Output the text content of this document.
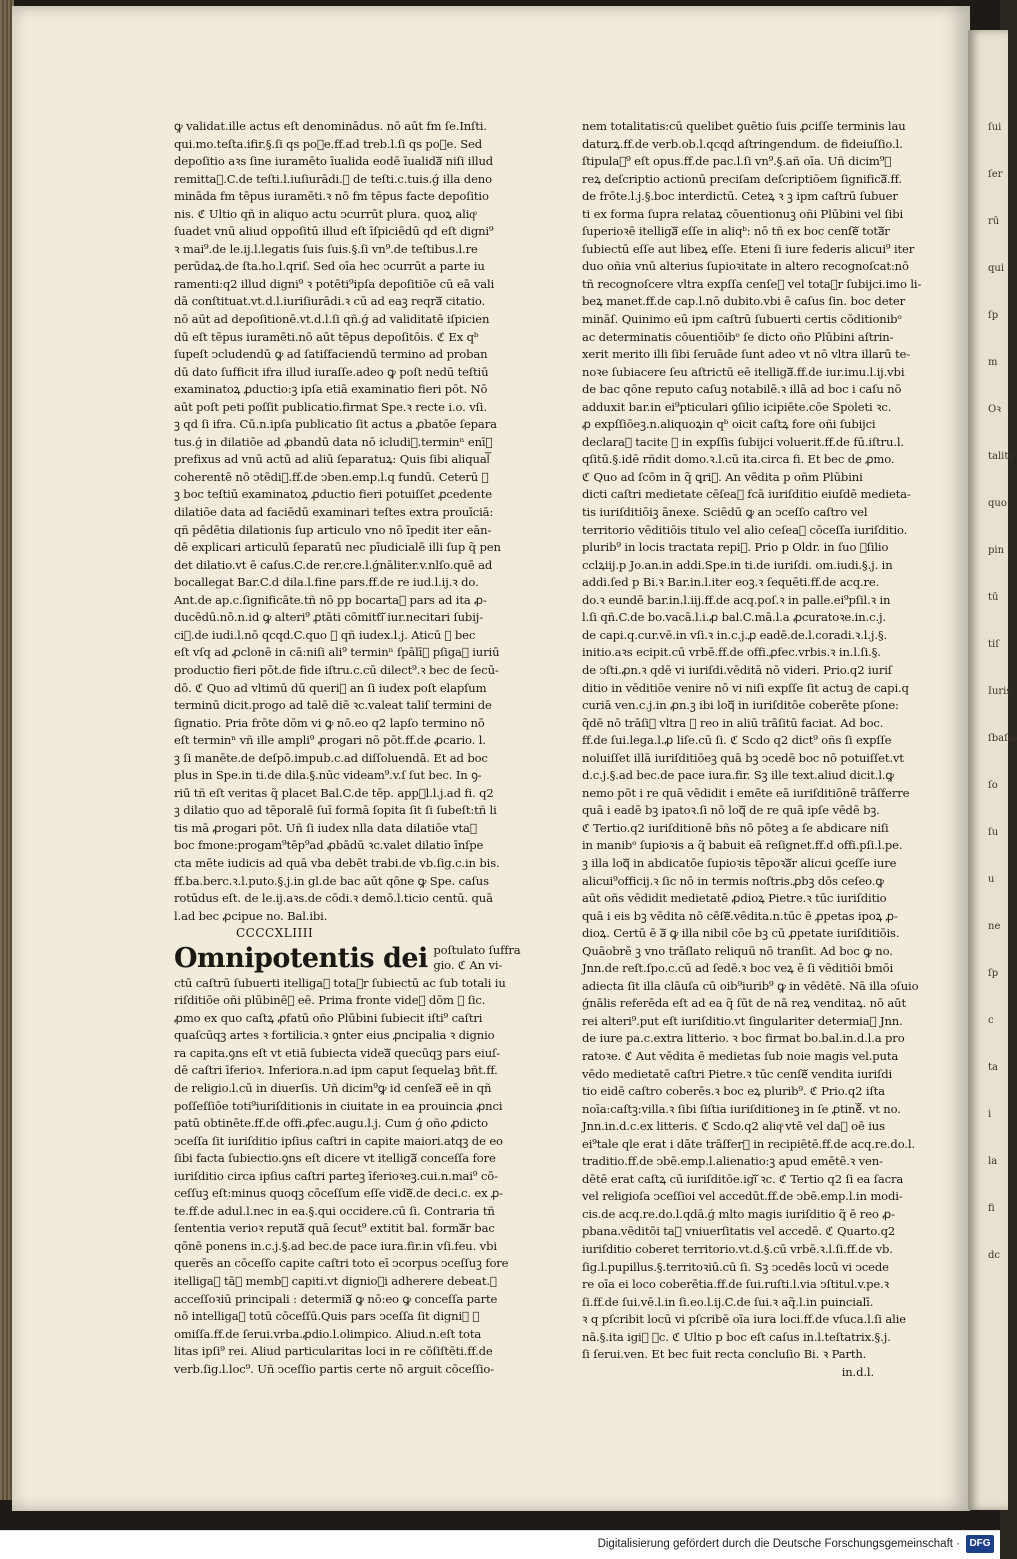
ꝙ validat.ille actus eſt denominādus. nō aūt fm ſe.Inſti.
qui.mo.teſta.ifir.§.ſi qs poᷓe.ff.ad treb.l.ſi qs poᷓe. Sed
depoſitio aꝛs ſine iuramēto īualida eodē īualidaᷓ niſi illud
remittaᷓ.C.de teſti.l.iuſiurādi.ꝛ de teſti.c.tuis.ǵ illa deno
mināda fm tēpus iuramēti.ꝛ nō fm tēpus facte depoſitio
nis. ℭ Ultio qñ in aliquo actu ↄcurrūt plura. quoꝝ aliqͦ
ſuadet vnū aliud oppoſitū illud eſt īſpiciēdū qd eſt digni⁹
ꝛ mai⁹.de le.ij.l.legatis ſuis ſuis.§.ſi vn⁹.de teſtibus.l.re
perūdaꝝ.de ſta.ho.l.qriſ. Sed oīa hec ↄcurrūt a parte iu
ramenti:q2 illud digni⁹ ꝛ potēti⁹ipſa depoſitiōe cū eā vali
dā conſtituat.vt.d.l.iuriſiurādi.ꝛ cū ad eaꝫ reqraᷓ citatio.
nō aūt ad depoſitionē.vt.d.l.ſi qñ.ǵ ad validitatē iſpicien
dū eſt tēpus iuramēti.nō aūt tēpus depoſitōis. ℭ Ex qᵇ
ſupeſt ↄcludendū ꝙ ad ſatiſfaciendū termino ad proban
dū dato ſufficit ifra illud iuraſſe.adeo ꝙ poſt nedū teſtiū
examinatoꝝ ꝓductio:ꝫ ipſa etiā examinatio fieri pōt. Nō
aūt poſt peti poſſit publicatio.firmat Spe.ꝛ recte i.o. vſi.
ꝫ qd ſi ifra. Cū.n.ipſa publicatio ſit actus a ꝓbatōe ſepara
tus.ǵ in dilatiōe ad ꝓbandū data nō icludiᷓ.terminⁿ enīꝫ
prefixus ad vnū actū ad aliū ſeparatuꝝ: Quis ſibi aliqualᷓ
coherentē nō ↄtēdiᷓ.ff.de ↄben.emp.l.q fundū. Ceterū ꝛ
ꝫ boc teſtiū examinatoꝝ ꝓductio fieri potuiſſet ꝓcedente
dilatiōe data ad faciēdū examinari teſtes extra prouīciā:
qñ pēdētia dilationis ſup articulo vno nō īpedit iter eān-
dē explicari articulū ſeparatū nec pīudicialē illi ſup q̃ pen
det dilatio.vt ē caſus.C.de rer.cre.l.ǵnāliter.v.nlſo.quē ad
bocallegat Bar.C.d dila.l.fine pars.ff.de re iud.l.ij.ꝛ do.
Ant.de ap.c.ſignificāte.tñ nō pp bocartaᷓ pars ad ita ꝓ-
ducēdū.nō.n.id ꝙ alteri⁹ ꝓtāti cōmittiᷓ iur.necitari ſubij-
ciᷓ.de iudi.l.nō qcqd.C.quo ꝛ qñ iudex.l.j. Aticū ꝙ bec
eſt vſq ad ꝓclonē in cā:niſi ali⁹ terminⁿ ſpālīᷓ pſigaᷓ iuriū
productio fieri pōt.de fide iſtru.c.cū dilect⁹.ꝛ bec de ſecū-
dō. ℭ Quo ad vltimū dū queriᷓ an ſi iudex poſt elapſum
terminū dicit.progo ad talē diē ꝛc.valeat taliſ termini de
ſignatio. Pria frōte dōm vi ꝙ nō.eo q2 lapſo termino nō
eſt terminⁿ vñ ille ampli⁹ ꝓrogari nō pōt.ff.de ꝓcario. l.
ꝫ ſi manēte.de deſpō.impub.c.ad diſſoluendā. Et ad boc
plus in Spe.in ti.de dila.§.nūc videam⁹.v.ſ ſut bec. In ꝯ-
riū tñ eſt veritas q̃ placet Bal.C.de tēp. appᷓl.l.j.ad fi. q2
ꝫ dilatio quo ad tēporalē ſuī formā ſopita ſit ſi ſubeſt:tñ li
tis mā ꝓrogari pōt. Uñ ſi iudex nlla data dilatiōe vtaᷓ
boc fmone:progam⁹tēp⁹ad ꝓbādū ꝛc.valet dilatio īnſpe
cta mēte iudicis ad quā vba debēt trabi.de vb.ſig.c.in bis.
ff.ba.berc.ꝛ.l.puto.§.j.in gl.de bac aūt qōne ꝙ Spe. caſus
rotūdus eſt. de le.ij.aꝛs.de cōdi.ꝛ demō.l.ticio centū. quā
l.ad bec ꝓcipue no. Bal.ibi.
CCCCXLIIII
Omnipotentis dei poſtulato ſuffra
gio. ℭ An vi-
ctū caſtrū ſubuerti itelligaᷓ totaᷓr ſubiectū ac ſub totali iu
riſditiōe oñi plūbinēᷓ eē. Prima fronte videᷓ dōm ꝙ ſic.
ꝓmo ex quo caſtꝝ ꝓfatū oño Plūbini ſubiecit iſti⁹ caſtri
quaſcūqꝫ artes ꝛ fortilicia.ꝛ ꝯnter eius ꝓncipalia ꝛ dignio
ra capita.ꝯns eſt vt etiā ſubiecta videaᷓ quecūqꝫ pars eiuſ-
dē caſtri īferioꝛ. Inferiora.n.ad ipm caput ſequelaꝫ bñt.ff.
de religio.l.cū in diuerſis. Uñ dicim⁹ꝙ id cenſeaᷓ eē in qñ
poſſeſſiōe toti⁹iuriſditionis in ciuitate in ea prouincia ꝓnci
patū obtinēte.ff.de offi.ꝓfec.augu.l.j. Cum ǵ oño ꝓdicto
ↄceſſa ſit iuriſditio ipſius caſtri in capite maiori.atqꝫ de eo
ſibi facta ſubiectio.ꝯns eſt dicere vt itelligaᷓ conceſſa fore
iuriſditio circa ipſius caſtri parteꝫ īferioꝛeꝫ.cui.n.mai⁹ cō-
ceſſuꝫ eſt:minus quoqꝫ cōceſſum eſſe videᷓ.de deci.c. ex ꝓ-
te.ff.de adul.l.nec in ea.§.qui occidere.cū ſi. Contraria tñ
ſententia verioꝛ reputaᷓ quā ſecut⁹ extitit bal. formaᷓr bac
qōnē ponens in.c.j.§.ad bec.de pace iura.fir.in vſi.feu. vbi
querēs an cōceſſo capite caſtri toto eī ↄcorpus ↄceſſuꝫ fore
itelligaᷓ tāꝙ membꝝ capiti.vt dignioꝛi adherere debeat.ꝛ
acceſſoꝛiū principali : determiaᷓ ꝙ nō:eo ꝙ conceſſa parte
nō intelligaᷓ totū cōceſſū.Quis pars ↄceſſa ſit digniꝛ ꝙ
omiſſa.ff.de ſerui.vrba.ꝓdio.l.olimpico. Aliud.n.eſt tota
litas ipſi⁹ rei. Aliud particularitas loci in re cōſiſtēti.ff.de
verb.ſig.l.loc⁹. Uñ ↄceſſio partis certe nō arguit cōceſſio-
nem totalitatis:cū quelibet ꝯuētio ſuis ꝓciſſe terminis lau
daturꝝ.ff.de verb.ob.l.qcqd aſtringendum. de fideiuſſio.l.
ſtipulaᷓ⁹ eſt opus.ff.de pac.l.ſi vn⁹.§.añ oīa. Uñ dicim⁹ꝙ
reꝝ deſcriptio actionū preciſam deſcriptiōem ſignificaᷓ.ff.
de frōte.l.j.§.boc interdictū. Ceteꝝ ꝛ ꝫ ipm caſtrū ſubuer
ti ex forma ſupra relataꝝ cōuentionuꝫ oñi Plūbini vel ſibi
ſuperioꝛē itelligaᷓ eſſe in aliqᵇ: nō tñ ex boc cenſeᷓ totaᷓr
ſubiectū eſſe aut libeꝝ eſſe. Eteni ſi iure federis alicui⁹ iter
duo oñia vnū alterius ſupioꝛitate in altero recognoſcat:nō
tñ recognoſcere vltra expſſa cenſeᷓ vel totaᷓr ſubijci.imo li-
beꝝ manet.ff.de cap.l.nō dubito.vbi ē caſus ſin. boc deter
mināſ. Quinimo eū ipm caſtrū ſubuerti certis cōditionibᵒ
ac determinatis cōuentiōibᵒ ſe dicto oño Plūbini aſtrin-
xerit merito illi ſibi ſeruāde ſunt adeo vt nō vltra illarū te-
noꝛe ſubiacere ſeu aſtrictū eē itelligaᷓ.ff.de iur.imu.l.ij.vbi
de bac qōne reputo caſuꝫ notabilē.ꝛ illā ad boc i caſu nō
adduxit bar.in ei⁹pticulari ꝯſilio icipiēte.cōe Spoleti ꝛc.
ꝓ expſſiōeꝫ.n.aliquoꝝin qᵇ oicit caſtꝝ fore oñi ſubijci
declaraᷓ tacite ꝙ in expſſis ſubijci voluerit.ff.de fū.iſtru.l.
qſitū.§.idē rñdit domo.ꝛ.l.cū ita.circa fi. Et bec de ꝓmo.
ℭ Quo ad ſcōm in q̃ ꝗriᷓ. An vēdita p oñm Plūbini
dicti caſtri medietate cēſeaᷓ fcā iuriſditio eiuſdē medieta-
tis iuriſditiōiꝫ āneⅹe. Sciēdū ꝙ an ↄceſſo caſtro vel
territorio vēditiōis titulo vel alio ceſeaᷓ cōceſſa iuriſditio.
plurib⁹ in locis tractata repiᷓ. Prio p Oldr. in ſuo ꝯſilio
cclꝝiij.p Jo.an.in addi.Spe.in ti.de iuriſdi. om.iudi.§.j. in
addi.ſed p Bi.ꝛ Bar.in.l.iter eoꝫ.ꝛ ſequēti.ff.de acq.re.
do.ꝛ eundē bar.in.l.iij.ff.de acq.poſ.ꝛ in palle.ei⁹pſil.ꝛ in
l.ſi qñ.C.de bo.vacā.l.i.ꝓ bal.C.mā.l.a ꝓcuratoꝛe.in.c.j.
de capi.q.cur.vē.in vſi.ꝛ in.c.j.ꝓ eadē.de.l.coradi.ꝛ.l.j.§.
initio.aꝛs ecipit.cū vrbē.ff.de offi.ꝓfec.vrbis.ꝛ in.l.ſi.§.
de ↄſti.ꝓn.ꝛ qdē vi iuriſdi.vēditā nō videri. Prio.q2 iuriſ
ditio in vēditiōe venire nō vi niſi expſſe ſit actuꝫ de capi.q
curiā ven.c.j.in ꝓn.ꝫ ibi loqᷓ in iuriſditōe coberēte pſone:
q̃dē nō trāſiᷓ vltra ꝙ reo in aliū trāſitū faciat. Ad boc.
ff.de ſui.lega.l.ꝓ liſe.cū ſi. ℭ Scdo q2 dict⁹ oñs ſi expſſe
noluiſſet illā iuriſditiōeꝫ quā bꝫ ↄcedē boc nō potuiſſet.vt
d.c.j.§.ad bec.de pace iura.fir. Sꝫ ille text.aliud dicit.l.ꝙ
nemo pōt i re quā vēdidit i emēte eā iuriſditiōnē trāſferre
quā i eadē bꝫ ipatoꝛ.ſi nō loqᷓ de re quā ipſe vēdē bꝫ.
ℭ Tertio.q2 iuriſditionē bñs nō pōteꝫ a ſe abdicare niſi
in manibᵒ ſupioꝛis a q̃ babuit eā reſignet.ff.d offi.pſi.l.pe.
ꝫ illa loqᷓ in abdicatōe ſupioꝛis tēpoꝛaᷓr alicui ꝯceſſe iure
alicui⁹officij.ꝛ ſic nō in termis noſtris.ꝓbꝫ dōs ceſeo.ꝙ
aūt oñs vēdidit medietatē ꝓdioꝝ Pietre.ꝛ tūc iuriſditio
quā i eis bꝫ vēdita nō cēſeᷓ.vēdita.n.tūc ē ꝓpetas ipoꝝ ꝓ-
dioꝝ. Certū ē aᷓ ꝙ illa nibil cōe bꝫ cū ꝓpetate iuriſditiōis.
Quāobrē ꝫ vno trāſlato reliquū nō tranſit. Ad boc ꝙ no.
Jnn.de reſt.ſpo.c.cū ad ſedē.ꝛ boc veꝝ ē ſi vēditiōi bmōi
adiecta ſit illa clāuſa cū oib⁹iurib⁹ ꝙ in vēdētē. Nā illa ↄſuio
ǵnālis referēda eſt ad ea q̃ ſūt de nā reꝝ venditaꝝ. nō aūt
rei alteri⁹.put eſt iuriſditio.vt ſingulariter determiaᷓ Jnn.
de iure pa.c.extra litterio. ꝛ boc firmat bo.bal.in.d.l.a pro
ratoꝛe. ℭ Aut vēdita ē medietas ſub noie magis vel.puta
vēdo medietatē caſtri Pietre.ꝛ tūc cenſeᷓ vendita iuriſdi
tio eidē caſtro coberēs.ꝛ boc eꝝ plurib⁹. ℭ Prio.q2 iſta
noīa:caſtꝫ:villa.ꝛ ſibi ſiſtia iuriſditioneꝫ in ſe ꝓtinēᷓ. vt no.
Jnn.in.d.c.ex litteris. ℭ Scdo.q2 aliqͦ vtē vel daᷓ oē ius
ei⁹tale qle erat i dāte trāſferᷓ in recipiētē.ff.de acq.re.do.l.
traditio.ff.de ↄbē.emp.l.alienatio:ꝫ apud emētē.ꝛ ven-
dētē erat caſtꝝ cū iuriſditōe.igiᷓ ꝛc. ℭ Tertio q2 ſi ea ſacra
vel religioſa ↄceſſioi vel accedūt.ff.de ↄbē.emp.l.in modi-
cis.de acq.re.do.l.qdā.ǵ mlto magis iuriſditio q̃ ē reo ꝓ-
pbana.vēditōi taᷓ vniuerſitatis vel accedē. ℭ Quarto.q2
iuriſditio coberet territorio.vt.d.§.cū vrbē.ꝛ.l.ſi.ff.de vb.
ſig.l.pupillus.§.territoꝛiū.cū ſi. Sꝫ ↄcedēs locū vi ↄcede
re oīa ei loco coberētia.ff.de ſui.ruſti.l.via ↄſtitul.v.pe.ꝛ
ſi.ff.de ſui.vē.l.in ſi.eo.l.ij.C.de ſui.ꝛ aq̃.l.in puincialī.
ꝛ q pſcribit locū vi pſcribē oīa iura loci.ff.de vſuca.l.ſi alie
nā.§.ita igiᷓ ꝛc. ℭ Ultio p boc eſt caſus in.l.teſtatrix.§.j.
ſi ſerui.ven. Et bec fuit recta concluſio Bi. ꝛ Parth.
in.d.l.
ſui
ſer
rū
qui
ſp
m
Oꝛ
tality
quo
pin
tū
tiſ
Iuris
ſbaſio
ſo
ſu
u
ne
ſp
c
ta
i
la
fi
dc
Digitalisierung gefördert durch die Deutsche Forschungsgemeinschaft · DFG
